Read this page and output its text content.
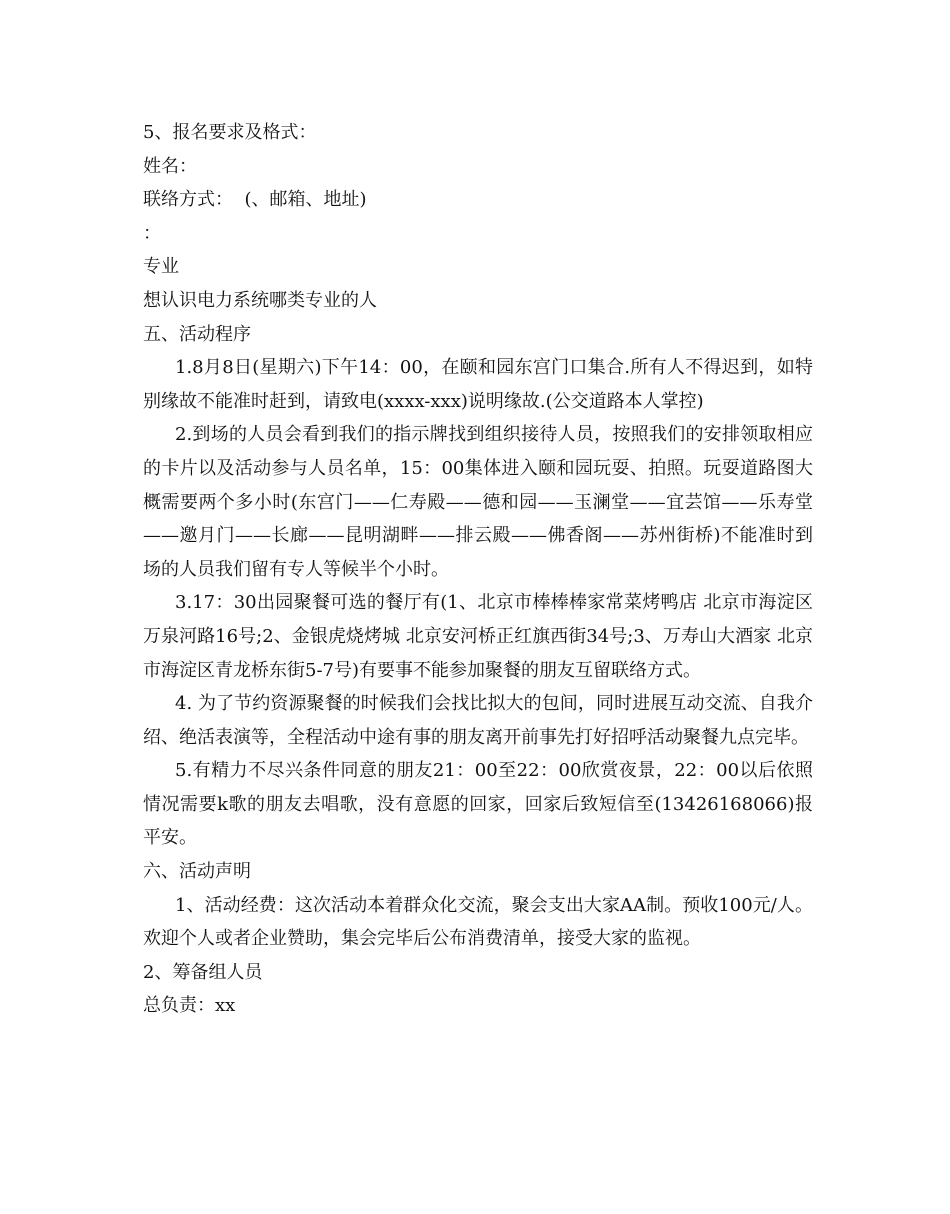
5、报名要求及格式：

姓名：

联络方式：  (、邮箱、地址)

：

专业

想认识电力系统哪类专业的人

五、活动程序

1.8月8日(星期六)下午14：00，在颐和园东宫门口集合.所有人不得迟到，如特别缘故不能准时赶到，请致电(xxxx-xxx)说明缘故.(公交道路本人掌控)

2.到场的人员会看到我们的指示牌找到组织接待人员，按照我们的安排领取相应的卡片以及活动参与人员名单，15：00集体进入颐和园玩耍、拍照。玩耍道路图大概需要两个多小时(东宫门——仁寿殿——德和园——玉澜堂——宜芸馆——乐寿堂——邀月门——长廊——昆明湖畔——排云殿——佛香阁——苏州街桥)不能准时到场的人员我们留有专人等候半个小时。

3.17：30出园聚餐可选的餐厅有(1、北京市棒棒棒家常菜烤鸭店 北京市海淀区万泉河路16号;2、金银虎烧烤城 北京安河桥正红旗西街34号;3、万寿山大酒家 北京市海淀区青龙桥东街5-7号)有要事不能参加聚餐的朋友互留联络方式。

4. 为了节约资源聚餐的时候我们会找比拟大的包间，同时进展互动交流、自我介绍、绝活表演等，全程活动中途有事的朋友离开前事先打好招呼活动聚餐九点完毕。

5.有精力不尽兴条件同意的朋友21：00至22：00欣赏夜景，22：00以后依照情况需要k歌的朋友去唱歌，没有意愿的回家，回家后致短信至(13426168066)报平安。

六、活动声明

1、活动经费：这次活动本着群众化交流，聚会支出大家AA制。预收100元/人。欢迎个人或者企业赞助，集会完毕后公布消费清单，接受大家的监视。

2、筹备组人员

总负责：xx
